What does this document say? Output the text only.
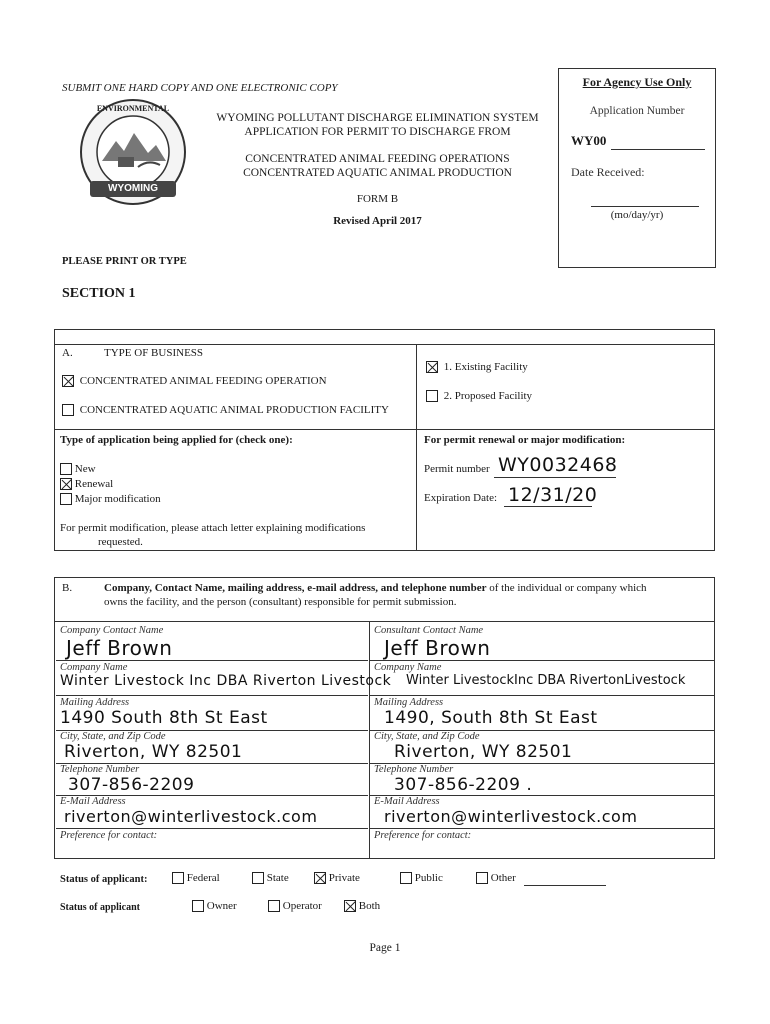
SUBMIT ONE HARD COPY AND ONE ELECTRONIC COPY
ENVIRONMENTAL
WYOMING
WYOMING POLLUTANT DISCHARGE ELIMINATION SYSTEM
APPLICATION FOR PERMIT TO DISCHARGE FROM
CONCENTRATED ANIMAL FEEDING OPERATIONS
CONCENTRATED AQUATIC ANIMAL PRODUCTION
FORM B
Revised April 2017
For Agency Use Only
Application Number
WY00
Date Received:
(mo/day/yr)
PLEASE PRINT OR TYPE
SECTION 1
A.	TYPE OF BUSINESS
CONCENTRATED ANIMAL FEEDING OPERATION
CONCENTRATED AQUATIC ANIMAL PRODUCTION FACILITY
1. Existing Facility
2. Proposed Facility
Type of application being applied for (check one):	For permit renewal or major modification:
New
Renewal
Major modification
Permit number WY0032468
Expiration Date: 12/31/20
For permit modification, please attach letter explaining modifications
requested.
B.	Company, Contact Name, mailing address, e-mail address, and telephone number of the individual or company which
owns the facility, and the person (consultant) responsible for permit submission.
Company Contact Name
Jeff Brown
Company Name
Winter Livestock Inc DBA Riverton Livestock
Mailing Address
1490 South 8th St East
City, State, and Zip Code
Riverton, WY 82501
Telephone Number
307-856-2209
E-Mail Address
riverton@winterlivestock.com
Preference for contact:
Consultant Contact Name
Jeff Brown
Company Name
Winter LivestockInc DBA RivertonLivestock
Mailing Address
1490, South 8th St East
City, State, and Zip Code
Riverton, WY 82501
Telephone Number
307-856-2209 .
E-Mail Address
riverton@winterlivestock.com
Preference for contact:
Status of applicant:	Federal	State	Private	Public	Other
Status of applicant	Owner	Operator	Both
Page 1
